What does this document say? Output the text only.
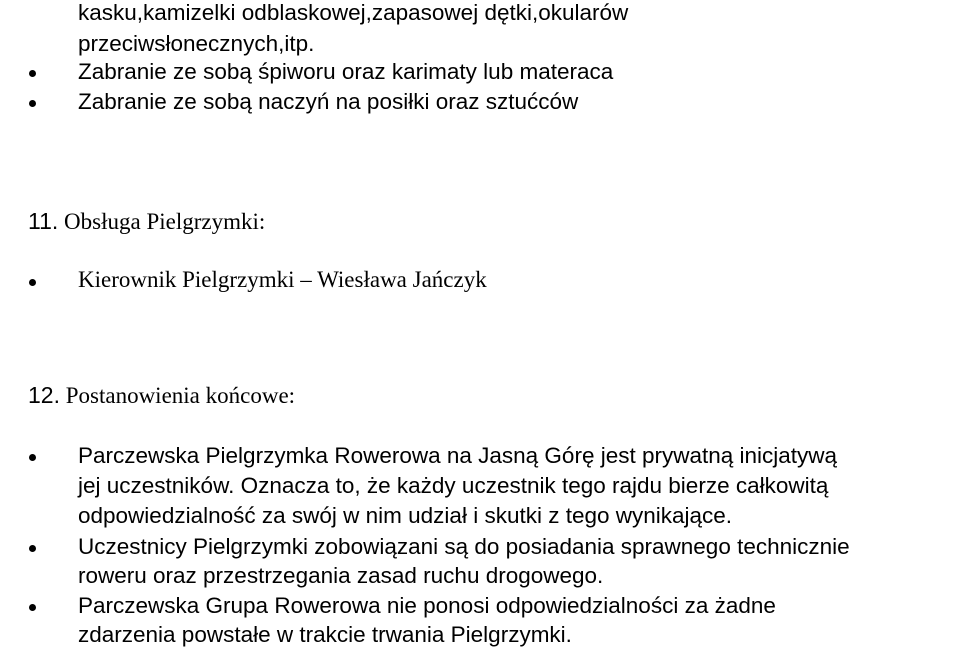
kasku,kamizelki odblaskowej,zapasowej dętki,okularów
przeciwsłonecznych,itp.
Zabranie ze sobą śpiworu oraz karimaty lub materaca
Zabranie ze sobą naczyń na posiłki oraz sztućców
11. Obsługa Pielgrzymki:
Kierownik Pielgrzymki – Wiesława Jańczyk
12. Postanowienia końcowe:
Parczewska Pielgrzymka Rowerowa na Jasną Górę jest prywatną inicjatywą
jej uczestników. Oznacza to, że każdy uczestnik tego rajdu bierze całkowitą
odpowiedzialność za swój w nim udział i skutki z tego wynikające.
Uczestnicy Pielgrzymki zobowiązani są do posiadania sprawnego technicznie
roweru oraz przestrzegania zasad ruchu drogowego.
Parczewska Grupa Rowerowa nie ponosi odpowiedzialności za żadne
zdarzenia powstałe w trakcie trwania Pielgrzymki.
